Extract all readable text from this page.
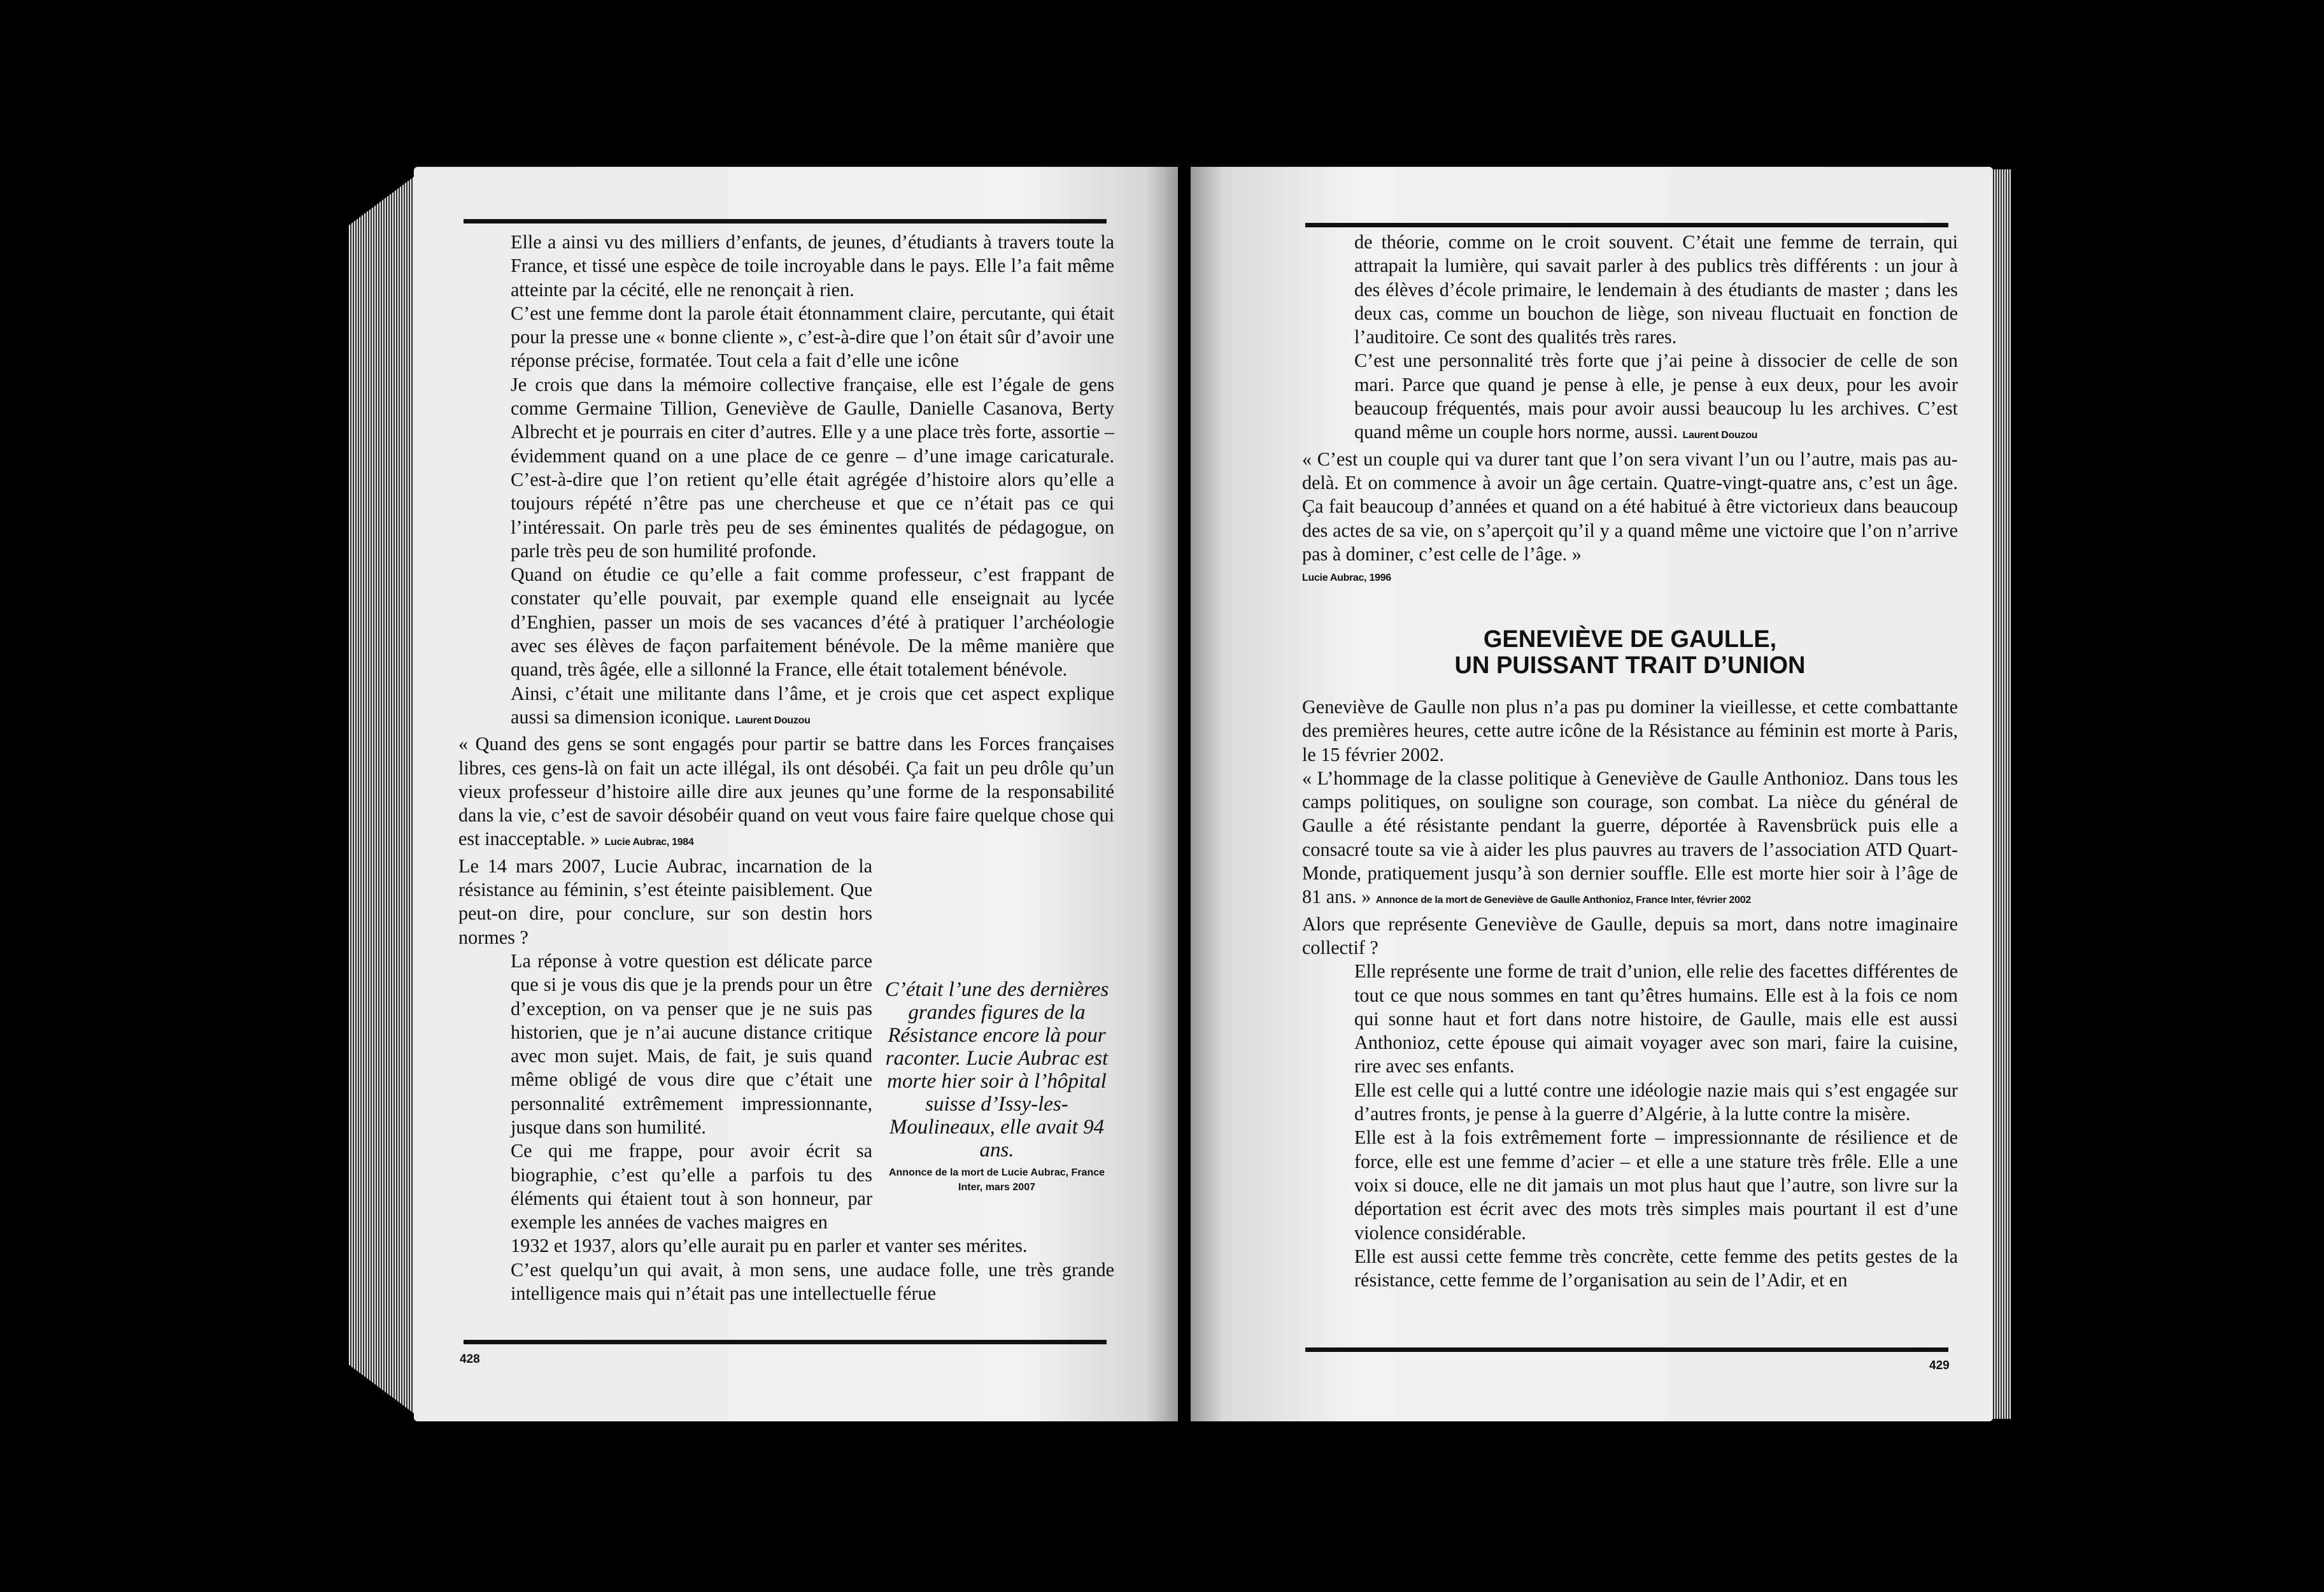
Elle a ainsi vu des milliers d’enfants, de jeunes, d’étudiants à travers toute la France, et tissé une espèce de toile incroyable dans le pays. Elle l’a fait même atteinte par la cécité, elle ne renonçait à rien.

C’est une femme dont la parole était étonnamment claire, percutante, qui était pour la presse une « bonne cliente », c’est-à-dire que l’on était sûr d’avoir une réponse précise, formatée. Tout cela a fait d’elle une icône

Je crois que dans la mémoire collective française, elle est l’égale de gens comme Germaine Tillion, Geneviève de Gaulle, Danielle Casanova, Berty Albrecht et je pourrais en citer d’autres. Elle y a une place très forte, assortie – évidemment quand on a une place de ce genre – d’une image caricaturale. C’est-à-dire que l’on retient qu’elle était agrégée d’histoire alors qu’elle a toujours répété n’être pas une chercheuse et que ce n’était pas ce qui l’intéressait. On parle très peu de ses éminentes qualités de pédagogue, on parle très peu de son humilité profonde.

Quand on étudie ce qu’elle a fait comme professeur, c’est frappant de constater qu’elle pouvait, par exemple quand elle enseignait au lycée d’Enghien, passer un mois de ses vacances d’été à pratiquer l’archéologie avec ses élèves de façon parfaitement bénévole. De la même manière que quand, très âgée, elle a sillonné la France, elle était totalement bénévole.

Ainsi, c’était une militante dans l’âme, et je crois que cet aspect explique aussi sa dimension iconique. Laurent Douzou

« Quand des gens se sont engagés pour partir se battre dans les Forces françaises libres, ces gens-là on fait un acte illégal, ils ont désobéi. Ça fait un peu drôle qu’un vieux professeur d’histoire aille dire aux jeunes qu’une forme de la responsabilité dans la vie, c’est de savoir désobéir quand on veut vous faire faire quelque chose qui est inacceptable. » Lucie Aubrac, 1984

Le 14 mars 2007, Lucie Aubrac, incarnation de la résistance au féminin, s’est éteinte paisiblement. Que peut-on dire, pour conclure, sur son destin hors normes ?

La réponse à votre question est délicate parce que si je vous dis que je la prends pour un être d’exception, on va penser que je ne suis pas historien, que je n’ai aucune distance critique avec mon sujet. Mais, de fait, je suis quand même obligé de vous dire que c’était une personnalité extrêmement impressionnante, jusque dans son humilité.

Ce qui me frappe, pour avoir écrit sa biographie, c’est qu’elle a parfois tu des éléments qui étaient tout à son honneur, par exemple les années de vaches maigres en

1932 et 1937, alors qu’elle aurait pu en parler et vanter ses mérites.

C’est quelqu’un qui avait, à mon sens, une audace folle, une très grande intelligence mais qui n’était pas une intellectuelle férue

C’était l’une des dernières grandes figures de la Résistance encore là pour raconter. Lucie Aubrac est morte hier soir à l’hôpital suisse d’Issy-les-Moulineaux, elle avait 94 ans.
Annonce de la mort de Lucie Aubrac, France Inter, mars 2007
428

de théorie, comme on le croit souvent. C’était une femme de terrain, qui attrapait la lumière, qui savait parler à des publics très différents : un jour à des élèves d’école primaire, le lendemain à des étudiants de master ; dans les deux cas, comme un bouchon de liège, son niveau fluctuait en fonction de l’auditoire. Ce sont des qualités très rares.

C’est une personnalité très forte que j’ai peine à dissocier de celle de son mari. Parce que quand je pense à elle, je pense à eux deux, pour les avoir beaucoup fréquentés, mais pour avoir aussi beaucoup lu les archives. C’est quand même un couple hors norme, aussi. Laurent Douzou

« C’est un couple qui va durer tant que l’on sera vivant l’un ou l’autre, mais pas au-delà. Et on commence à avoir un âge certain. Quatre-vingt-quatre ans, c’est un âge. Ça fait beaucoup d’années et quand on a été habitué à être victorieux dans beaucoup des actes de sa vie, on s’aperçoit qu’il y a quand même une victoire que l’on n’arrive pas à dominer, c’est celle de l’âge. »

Lucie Aubrac, 1996
GENEVIÈVE DE GAULLE,
UN PUISSANT TRAIT D’UNION

Geneviève de Gaulle non plus n’a pas pu dominer la vieillesse, et cette combattante des premières heures, cette autre icône de la Résistance au féminin est morte à Paris, le 15 février 2002.

« L’hommage de la classe politique à Geneviève de Gaulle Anthonioz. Dans tous les camps politiques, on souligne son courage, son combat. La nièce du général de Gaulle a été résistante pendant la guerre, déportée à Ravensbrück puis elle a consacré toute sa vie à aider les plus pauvres au travers de l’association ATD Quart-Monde, pratiquement jusqu’à son dernier souffle. Elle est morte hier soir à l’âge de 81 ans. » Annonce de la mort de Geneviève de Gaulle Anthonioz, France Inter, février 2002

Alors que représente Geneviève de Gaulle, depuis sa mort, dans notre imaginaire collectif ?

Elle représente une forme de trait d’union, elle relie des facettes différentes de tout ce que nous sommes en tant qu’êtres humains. Elle est à la fois ce nom qui sonne haut et fort dans notre histoire, de Gaulle, mais elle est aussi Anthonioz, cette épouse qui aimait voyager avec son mari, faire la cuisine, rire avec ses enfants.

Elle est celle qui a lutté contre une idéologie nazie mais qui s’est engagée sur d’autres fronts, je pense à la guerre d’Algérie, à la lutte contre la misère.

Elle est à la fois extrêmement forte – impressionnante de résilience et de force, elle est une femme d’acier – et elle a une stature très frêle. Elle a une voix si douce, elle ne dit jamais un mot plus haut que l’autre, son livre sur la déportation est écrit avec des mots très simples mais pourtant il est d’une violence considérable.

Elle est aussi cette femme très concrète, cette femme des petits gestes de la résistance, cette femme de l’organisation au sein de l’Adir, et en

429
